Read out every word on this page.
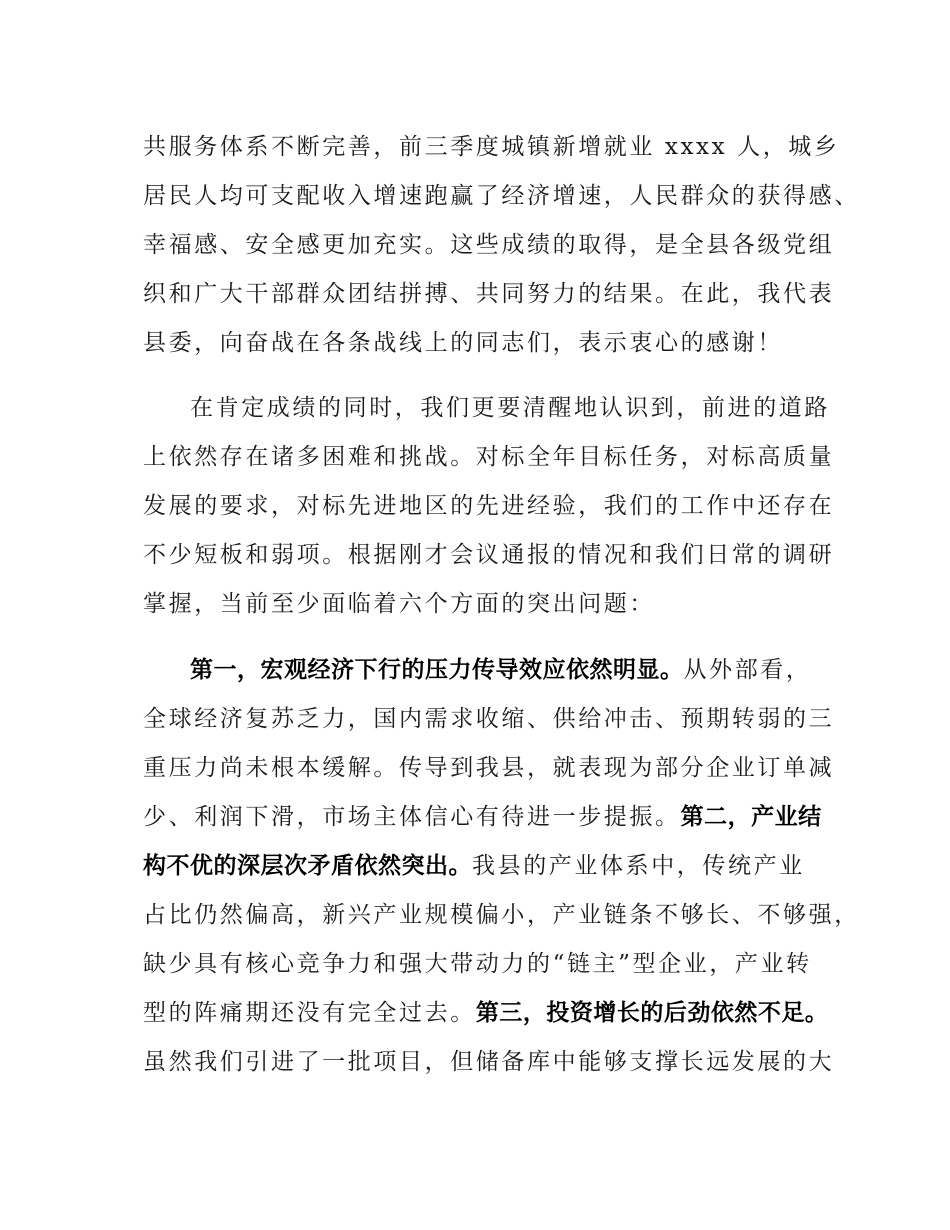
共服务体系不断完善，前三季度城镇新增就业 xxxx 人，城乡
居民人均可支配收入增速跑赢了经济增速，人民群众的获得感、
幸福感、安全感更加充实。这些成绩的取得，是全县各级党组
织和广大干部群众团结拼搏、共同努力的结果。在此，我代表
县委，向奋战在各条战线上的同志们，表示衷心的感谢！
在肯定成绩的同时，我们更要清醒地认识到，前进的道路
上依然存在诸多困难和挑战。对标全年目标任务，对标高质量
发展的要求，对标先进地区的先进经验，我们的工作中还存在
不少短板和弱项。根据刚才会议通报的情况和我们日常的调研
掌握，当前至少面临着六个方面的突出问题：
第一，宏观经济下行的压力传导效应依然明显。从外部看，
全球经济复苏乏力，国内需求收缩、供给冲击、预期转弱的三
重压力尚未根本缓解。传导到我县，就表现为部分企业订单减
少、利润下滑，市场主体信心有待进一步提振。第二，产业结
构不优的深层次矛盾依然突出。我县的产业体系中，传统产业
占比仍然偏高，新兴产业规模偏小，产业链条不够长、不够强，
缺少具有核心竞争力和强大带动力的“链主”型企业，产业转
型的阵痛期还没有完全过去。第三，投资增长的后劲依然不足。
虽然我们引进了一批项目，但储备库中能够支撑长远发展的大
